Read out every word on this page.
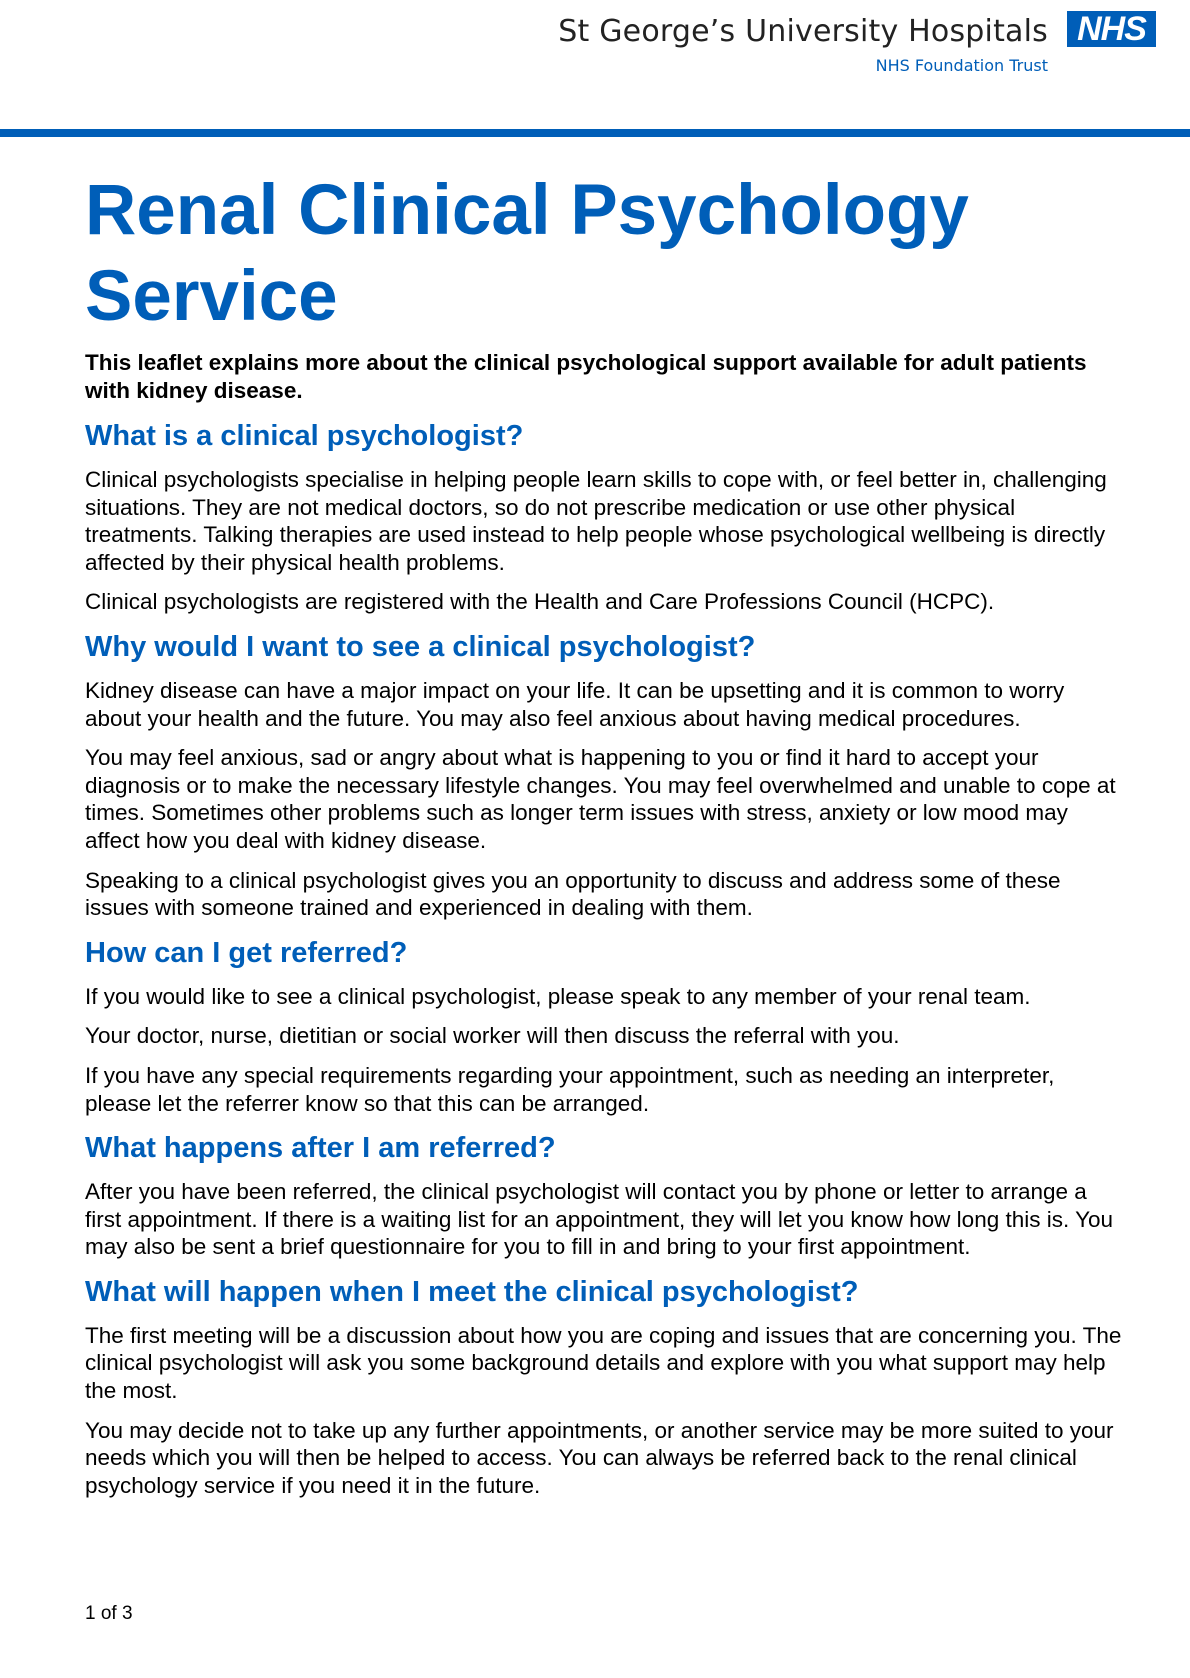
St George’s University Hospitals
NHS Foundation Trust
NHS
Renal Clinical Psychology Service

This leaflet explains more about the clinical psychological support available for adult patients with kidney disease.

What is a clinical psychologist?

Clinical psychologists specialise in helping people learn skills to cope with, or feel better in, challenging situations. They are not medical doctors, so do not prescribe medication or use other physical treatments. Talking therapies are used instead to help people whose psychological wellbeing is directly affected by their physical health problems.

Clinical psychologists are registered with the Health and Care Professions Council (HCPC).

Why would I want to see a clinical psychologist?

Kidney disease can have a major impact on your life. It can be upsetting and it is common to worry about your health and the future. You may also feel anxious about having medical procedures.

You may feel anxious, sad or angry about what is happening to you or find it hard to accept your diagnosis or to make the necessary lifestyle changes. You may feel overwhelmed and unable to cope at times. Sometimes other problems such as longer term issues with stress, anxiety or low mood may affect how you deal with kidney disease.

Speaking to a clinical psychologist gives you an opportunity to discuss and address some of these issues with someone trained and experienced in dealing with them.

How can I get referred?

If you would like to see a clinical psychologist, please speak to any member of your renal team.

Your doctor, nurse, dietitian or social worker will then discuss the referral with you.

If you have any special requirements regarding your appointment, such as needing an interpreter, please let the referrer know so that this can be arranged.

What happens after I am referred?

After you have been referred, the clinical psychologist will contact you by phone or letter to arrange a first appointment. If there is a waiting list for an appointment, they will let you know how long this is. You may also be sent a brief questionnaire for you to fill in and bring to your first appointment.

What will happen when I meet the clinical psychologist?

The first meeting will be a discussion about how you are coping and issues that are concerning you. The clinical psychologist will ask you some background details and explore with you what support may help the most.

You may decide not to take up any further appointments, or another service may be more suited to your needs which you will then be helped to access. You can always be referred back to the renal clinical psychology service if you need it in the future.

1 of 3
